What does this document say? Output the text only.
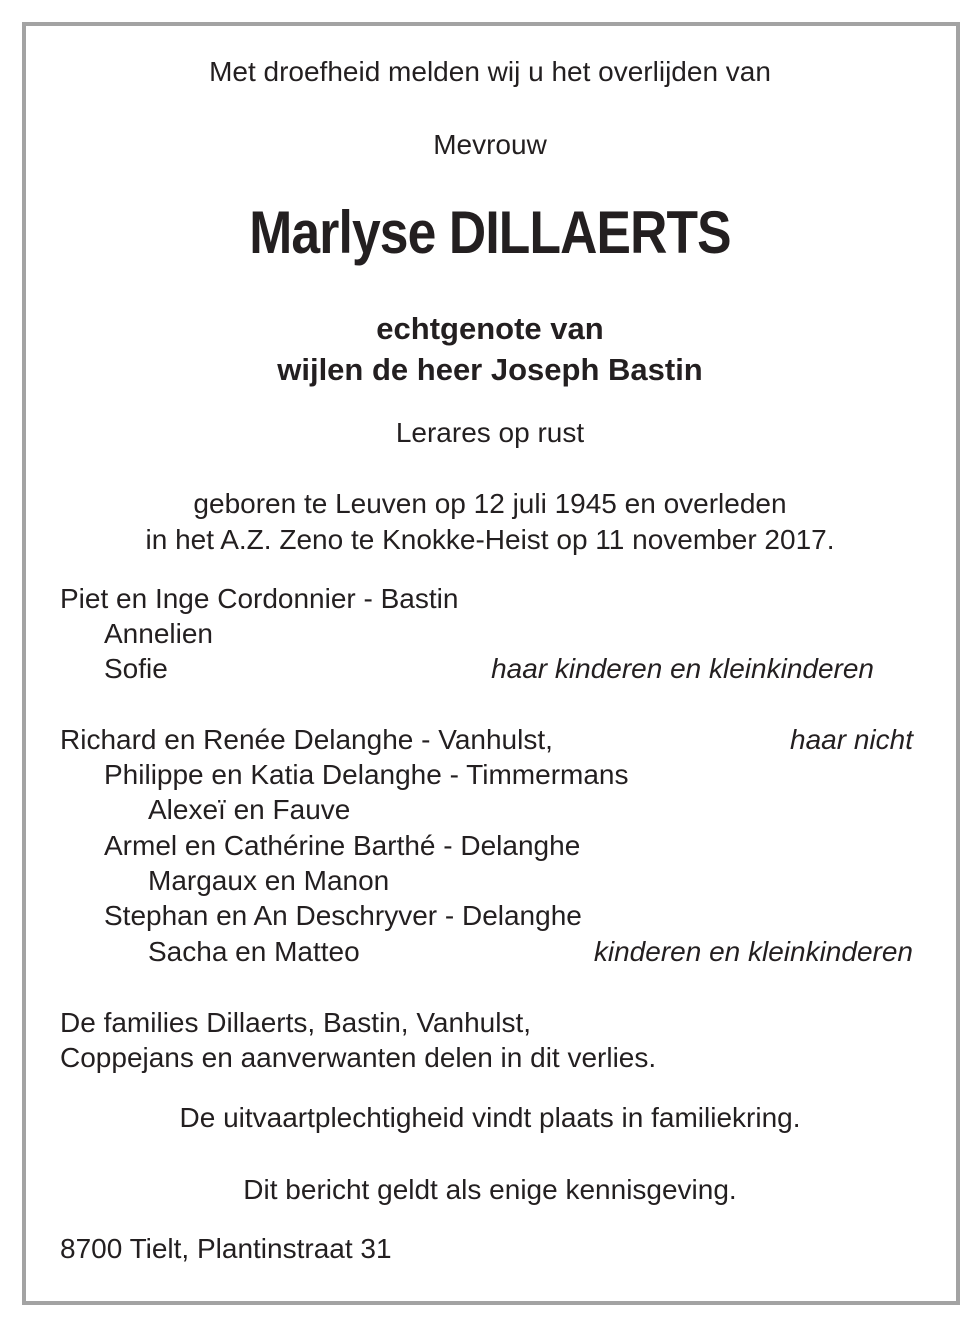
Met droefheid melden wij u het overlijden van
Mevrouw
Marlyse DILLAERTS
echtgenote van
wijlen de heer Joseph Bastin
Lerares op rust
geboren te Leuven op 12 juli 1945 en overleden
in het A.Z. Zeno te Knokke-Heist op 11 november 2017.
Piet en Inge Cordonnier - Bastin
Annelien
Sofie	haar kinderen en kleinkinderen
Richard en Renée Delanghe - Vanhulst,	haar nicht
Philippe en Katia Delanghe - Timmermans
Alexeï en Fauve
Armel en Cathérine Barthé - Delanghe
Margaux en Manon
Stephan en An Deschryver - Delanghe
Sacha en Matteo	kinderen en kleinkinderen
De families Dillaerts, Bastin, Vanhulst,
Coppejans en aanverwanten delen in dit verlies.
De uitvaartplechtigheid vindt plaats in familiekring.
Dit bericht geldt als enige kennisgeving.
8700 Tielt, Plantinstraat 31
